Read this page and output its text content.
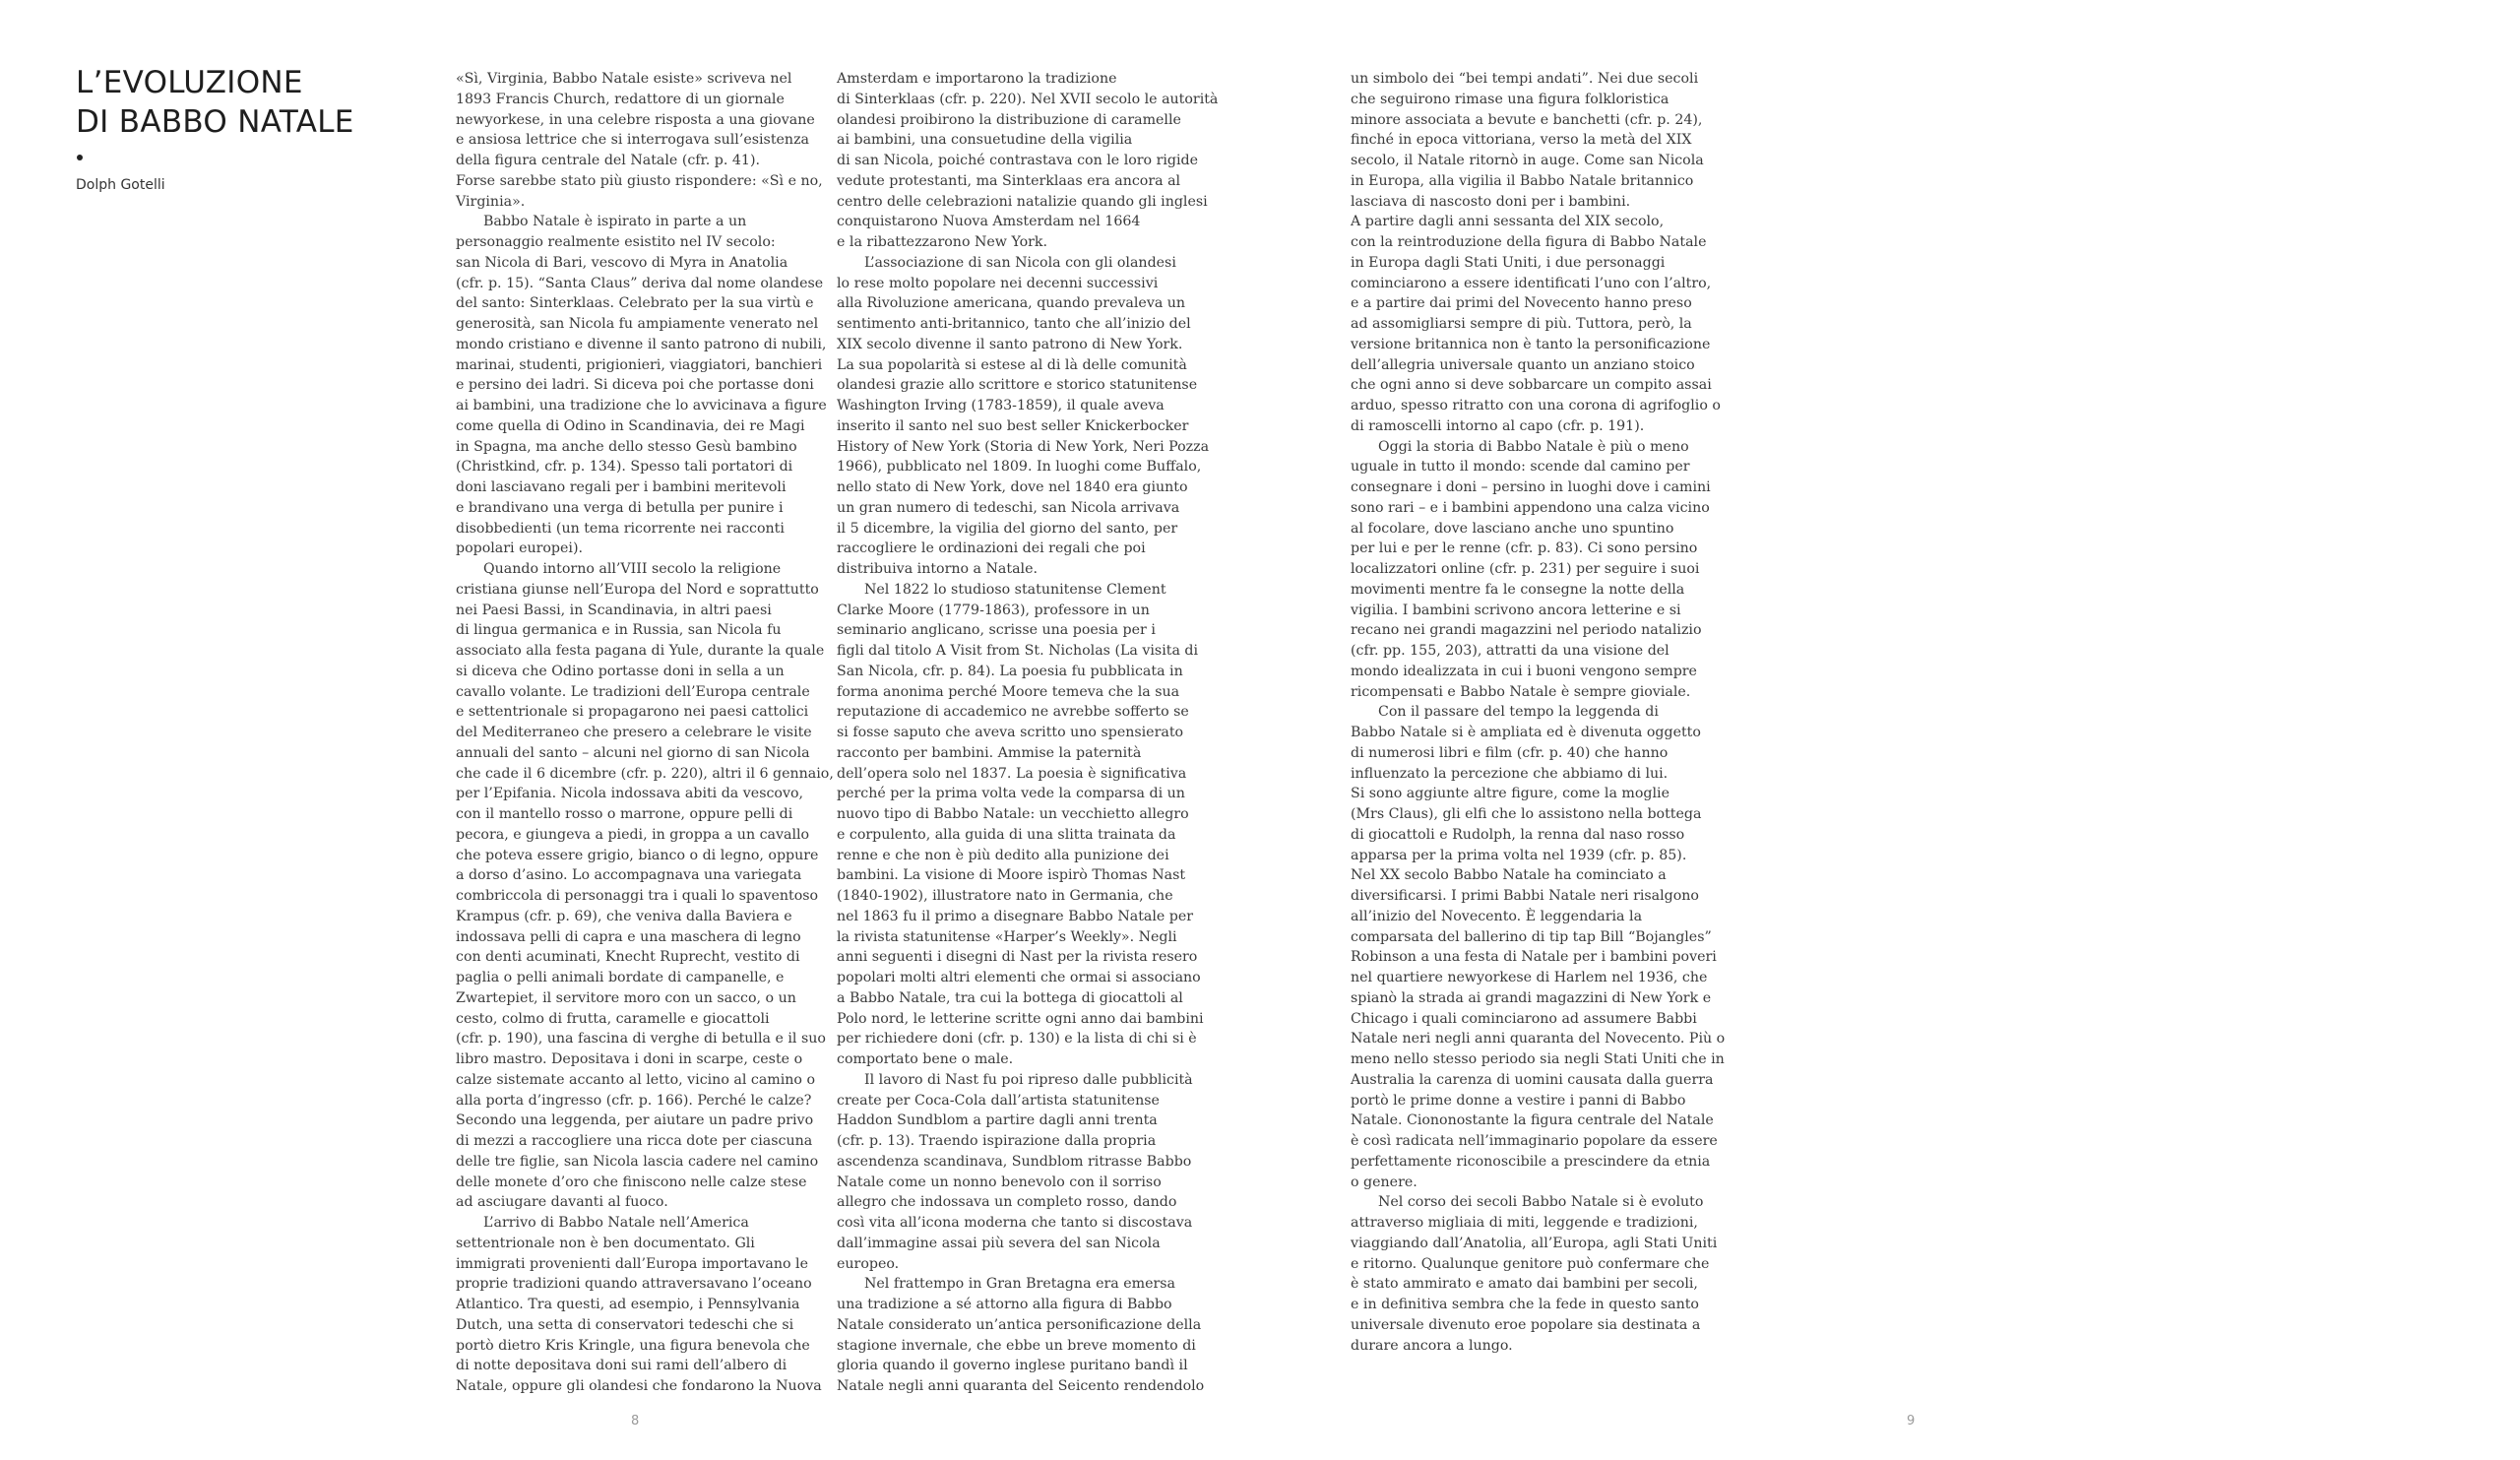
L’EVOLUZIONE
DI BABBO NATALE
Dolph Gotelli
«Sì, Virginia, Babbo Natale esiste» scriveva nel
1893 Francis Church, redattore di un giornale
newyorkese, in una celebre risposta a una giovane
e ansiosa lettrice che si interrogava sull’esistenza
della figura centrale del Natale (cfr. p. 41).
Forse sarebbe stato più giusto rispondere: «Sì e no,
Virginia».
Babbo Natale è ispirato in parte a un
personaggio realmente esistito nel IV secolo:
san Nicola di Bari, vescovo di Myra in Anatolia
(cfr. p. 15). “Santa Claus” deriva dal nome olandese
del santo: Sinterklaas. Celebrato per la sua virtù e
generosità, san Nicola fu ampiamente venerato nel
mondo cristiano e divenne il santo patrono di nubili,
marinai, studenti, prigionieri, viaggiatori, banchieri
e persino dei ladri. Si diceva poi che portasse doni
ai bambini, una tradizione che lo avvicinava a figure
come quella di Odino in Scandinavia, dei re Magi
in Spagna, ma anche dello stesso Gesù bambino
(Christkind, cfr. p. 134). Spesso tali portatori di
doni lasciavano regali per i bambini meritevoli
e brandivano una verga di betulla per punire i
disobbedienti (un tema ricorrente nei racconti
popolari europei).
Quando intorno all’VIII secolo la religione
cristiana giunse nell’Europa del Nord e soprattutto
nei Paesi Bassi, in Scandinavia, in altri paesi
di lingua germanica e in Russia, san Nicola fu
associato alla festa pagana di Yule, durante la quale
si diceva che Odino portasse doni in sella a un
cavallo volante. Le tradizioni dell’Europa centrale
e settentrionale si propagarono nei paesi cattolici
del Mediterraneo che presero a celebrare le visite
annuali del santo – alcuni nel giorno di san Nicola
che cade il 6 dicembre (cfr. p. 220), altri il 6 gennaio,
per l’Epifania. Nicola indossava abiti da vescovo,
con il mantello rosso o marrone, oppure pelli di
pecora, e giungeva a piedi, in groppa a un cavallo
che poteva essere grigio, bianco o di legno, oppure
a dorso d’asino. Lo accompagnava una variegata
combriccola di personaggi tra i quali lo spaventoso
Krampus (cfr. p. 69), che veniva dalla Baviera e
indossava pelli di capra e una maschera di legno
con denti acuminati, Knecht Ruprecht, vestito di
paglia o pelli animali bordate di campanelle, e
Zwartepiet, il servitore moro con un sacco, o un
cesto, colmo di frutta, caramelle e giocattoli
(cfr. p. 190), una fascina di verghe di betulla e il suo
libro mastro. Depositava i doni in scarpe, ceste o
calze sistemate accanto al letto, vicino al camino o
alla porta d’ingresso (cfr. p. 166). Perché le calze?
Secondo una leggenda, per aiutare un padre privo
di mezzi a raccogliere una ricca dote per ciascuna
delle tre figlie, san Nicola lascia cadere nel camino
delle monete d’oro che finiscono nelle calze stese
ad asciugare davanti al fuoco.
L’arrivo di Babbo Natale nell’America
settentrionale non è ben documentato. Gli
immigrati provenienti dall’Europa importavano le
proprie tradizioni quando attraversavano l’oceano
Atlantico. Tra questi, ad esempio, i Pennsylvania
Dutch, una setta di conservatori tedeschi che si
portò dietro Kris Kringle, una figura benevola che
di notte depositava doni sui rami dell’albero di
Natale, oppure gli olandesi che fondarono la Nuova
Amsterdam e importarono la tradizione
di Sinterklaas (cfr. p. 220). Nel XVII secolo le autorità
olandesi proibirono la distribuzione di caramelle
ai bambini, una consuetudine della vigilia
di san Nicola, poiché contrastava con le loro rigide
vedute protestanti, ma Sinterklaas era ancora al
centro delle celebrazioni natalizie quando gli inglesi
conquistarono Nuova Amsterdam nel 1664
e la ribattezzarono New York.
L’associazione di san Nicola con gli olandesi
lo rese molto popolare nei decenni successivi
alla Rivoluzione americana, quando prevaleva un
sentimento anti-britannico, tanto che all’inizio del
XIX secolo divenne il santo patrono di New York.
La sua popolarità si estese al di là delle comunità
olandesi grazie allo scrittore e storico statunitense
Washington Irving (1783-1859), il quale aveva
inserito il santo nel suo best seller Knickerbocker
History of New York (Storia di New York, Neri Pozza
1966), pubblicato nel 1809. In luoghi come Buffalo,
nello stato di New York, dove nel 1840 era giunto
un gran numero di tedeschi, san Nicola arrivava
il 5 dicembre, la vigilia del giorno del santo, per
raccogliere le ordinazioni dei regali che poi
distribuiva intorno a Natale.
Nel 1822 lo studioso statunitense Clement
Clarke Moore (1779-1863), professore in un
seminario anglicano, scrisse una poesia per i
figli dal titolo A Visit from St. Nicholas (La visita di
San Nicola, cfr. p. 84). La poesia fu pubblicata in
forma anonima perché Moore temeva che la sua
reputazione di accademico ne avrebbe sofferto se
si fosse saputo che aveva scritto uno spensierato
racconto per bambini. Ammise la paternità
dell’opera solo nel 1837. La poesia è significativa
perché per la prima volta vede la comparsa di un
nuovo tipo di Babbo Natale: un vecchietto allegro
e corpulento, alla guida di una slitta trainata da
renne e che non è più dedito alla punizione dei
bambini. La visione di Moore ispirò Thomas Nast
(1840-1902), illustratore nato in Germania, che
nel 1863 fu il primo a disegnare Babbo Natale per
la rivista statunitense «Harper’s Weekly». Negli
anni seguenti i disegni di Nast per la rivista resero
popolari molti altri elementi che ormai si associano
a Babbo Natale, tra cui la bottega di giocattoli al
Polo nord, le letterine scritte ogni anno dai bambini
per richiedere doni (cfr. p. 130) e la lista di chi si è
comportato bene o male.
Il lavoro di Nast fu poi ripreso dalle pubblicità
create per Coca-Cola dall’artista statunitense
Haddon Sundblom a partire dagli anni trenta
(cfr. p. 13). Traendo ispirazione dalla propria
ascendenza scandinava, Sundblom ritrasse Babbo
Natale come un nonno benevolo con il sorriso
allegro che indossava un completo rosso, dando
così vita all’icona moderna che tanto si discostava
dall’immagine assai più severa del san Nicola
europeo.
Nel frattempo in Gran Bretagna era emersa
una tradizione a sé attorno alla figura di Babbo
Natale considerato un’antica personificazione della
stagione invernale, che ebbe un breve momento di
gloria quando il governo inglese puritano bandì il
Natale negli anni quaranta del Seicento rendendolo
un simbolo dei “bei tempi andati”. Nei due secoli
che seguirono rimase una figura folkloristica
minore associata a bevute e banchetti (cfr. p. 24),
finché in epoca vittoriana, verso la metà del XIX
secolo, il Natale ritornò in auge. Come san Nicola
in Europa, alla vigilia il Babbo Natale britannico
lasciava di nascosto doni per i bambini.
A partire dagli anni sessanta del XIX secolo,
con la reintroduzione della figura di Babbo Natale
in Europa dagli Stati Uniti, i due personaggi
cominciarono a essere identificati l’uno con l’altro,
e a partire dai primi del Novecento hanno preso
ad assomigliarsi sempre di più. Tuttora, però, la
versione britannica non è tanto la personificazione
dell’allegria universale quanto un anziano stoico
che ogni anno si deve sobbarcare un compito assai
arduo, spesso ritratto con una corona di agrifoglio o
di ramoscelli intorno al capo (cfr. p. 191).
Oggi la storia di Babbo Natale è più o meno
uguale in tutto il mondo: scende dal camino per
consegnare i doni – persino in luoghi dove i camini
sono rari – e i bambini appendono una calza vicino
al focolare, dove lasciano anche uno spuntino
per lui e per le renne (cfr. p. 83). Ci sono persino
localizzatori online (cfr. p. 231) per seguire i suoi
movimenti mentre fa le consegne la notte della
vigilia. I bambini scrivono ancora letterine e si
recano nei grandi magazzini nel periodo natalizio
(cfr. pp. 155, 203), attratti da una visione del
mondo idealizzata in cui i buoni vengono sempre
ricompensati e Babbo Natale è sempre gioviale.
Con il passare del tempo la leggenda di
Babbo Natale si è ampliata ed è divenuta oggetto
di numerosi libri e film (cfr. p. 40) che hanno
influenzato la percezione che abbiamo di lui.
Si sono aggiunte altre figure, come la moglie
(Mrs Claus), gli elfi che lo assistono nella bottega
di giocattoli e Rudolph, la renna dal naso rosso
apparsa per la prima volta nel 1939 (cfr. p. 85).
Nel XX secolo Babbo Natale ha cominciato a
diversificarsi. I primi Babbi Natale neri risalgono
all’inizio del Novecento. È leggendaria la
comparsata del ballerino di tip tap Bill “Bojangles”
Robinson a una festa di Natale per i bambini poveri
nel quartiere newyorkese di Harlem nel 1936, che
spianò la strada ai grandi magazzini di New York e
Chicago i quali cominciarono ad assumere Babbi
Natale neri negli anni quaranta del Novecento. Più o
meno nello stesso periodo sia negli Stati Uniti che in
Australia la carenza di uomini causata dalla guerra
portò le prime donne a vestire i panni di Babbo
Natale. Ciononostante la figura centrale del Natale
è così radicata nell’immaginario popolare da essere
perfettamente riconoscibile a prescindere da etnia
o genere.
Nel corso dei secoli Babbo Natale si è evoluto
attraverso migliaia di miti, leggende e tradizioni,
viaggiando dall’Anatolia, all’Europa, agli Stati Uniti
e ritorno. Qualunque genitore può confermare che
è stato ammirato e amato dai bambini per secoli,
e in definitiva sembra che la fede in questo santo
universale divenuto eroe popolare sia destinata a
durare ancora a lungo.
8	9
